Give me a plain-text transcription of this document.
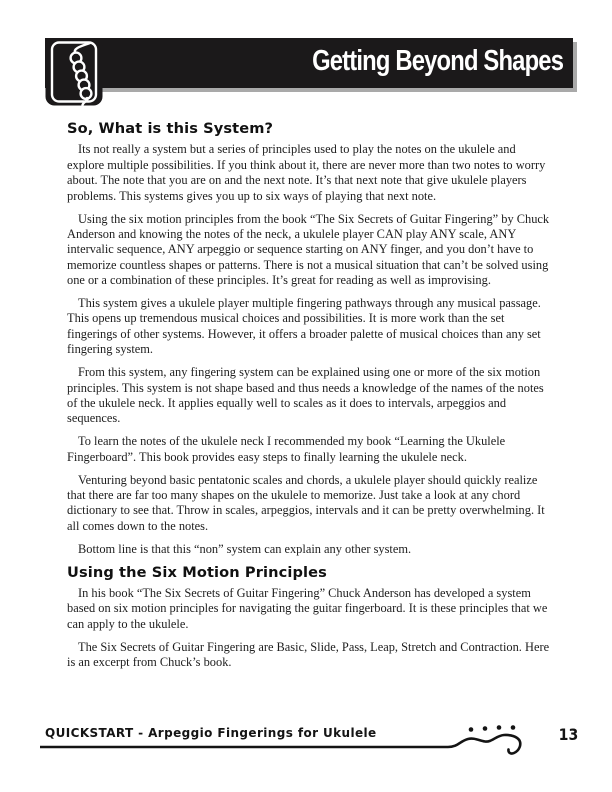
Getting Beyond Shapes
So, What is this System?

Its not really a system but a series of principles used to play the notes on the ukulele and explore multiple possibilities. If you think about it, there are never more than two notes to worry about. The note that you are on and the next note. It’s that next note that give ukulele players problems. This systems gives you up to six ways of playing that next note.

Using the six motion principles from the book “The Six Secrets of Guitar Fingering” by Chuck Anderson and knowing the notes of the neck, a ukulele player CAN play ANY scale, ANY intervalic sequence, ANY arpeggio or sequence starting on ANY finger, and you don’t have to memorize countless shapes or patterns. There is not a musical situation that can’t be solved using one or a combination of these principles. It’s great for reading as well as improvising.

This system gives a ukulele player multiple fingering pathways through any musical passage. This opens up tremendous musical choices and possibilities. It is more work than the set fingerings of other systems. However, it offers a broader palette of musical choices than any set fingering system.

From this system, any fingering system can be explained using one or more of the six motion principles. This system is not shape based and thus needs a knowledge of the names of the notes of the ukulele neck. It applies equally well to scales as it does to intervals, arpeggios and sequences.

To learn the notes of the ukulele neck I recommended my book “Learning the Ukulele Fingerboard”. This book provides easy steps to finally learning the ukulele neck.

Venturing beyond basic pentatonic scales and chords, a ukulele player should quickly realize that there are far too many shapes on the ukulele to memorize. Just take a look at any chord dictionary to see that. Throw in scales, arpeggios, intervals and it can be pretty overwhelming. It all comes down to the notes.

Bottom line is that this “non” system can explain any other system.

Using the Six Motion Principles

In his book “The Six Secrets of Guitar Fingering” Chuck Anderson has developed a system based on six motion principles for navigating the guitar fingerboard. It is these principles that we can apply to the ukulele.

The Six Secrets of Guitar Fingering are Basic, Slide, Pass, Leap, Stretch and Contraction. Here is an excerpt from Chuck’s book.

QUICKSTART - Arpeggio Fingerings for Ukulele	13
